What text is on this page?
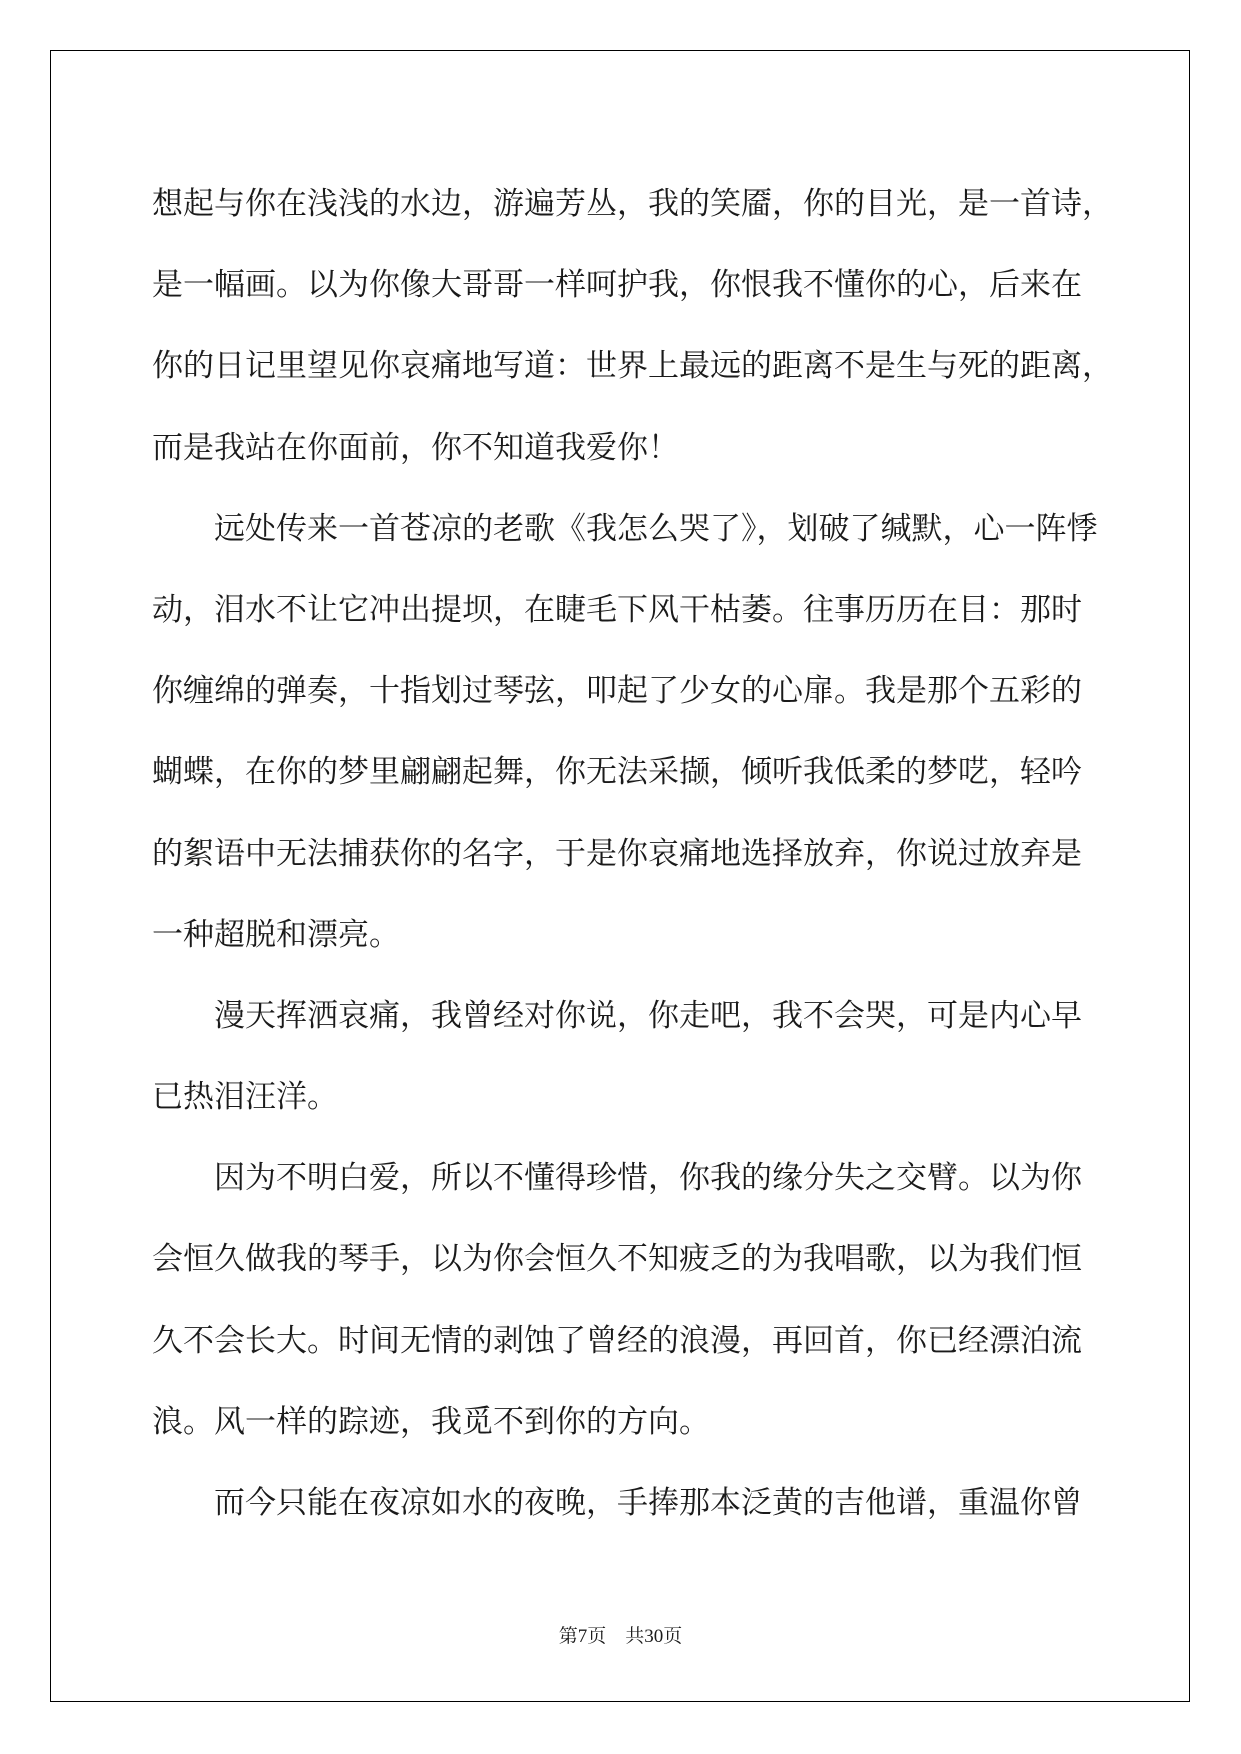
想起与你在浅浅的水边，游遍芳丛，我的笑靥，你的目光，是一首诗，

是一幅画。以为你像大哥哥一样呵护我，你恨我不懂你的心，后来在

你的日记里望见你哀痛地写道：世界上最远的距离不是生与死的距离，

而是我站在你面前，你不知道我爱你！

远处传来一首苍凉的老歌《我怎么哭了》，划破了缄默，心一阵悸

动，泪水不让它冲出提坝，在睫毛下风干枯萎。往事历历在目：那时

你缠绵的弹奏，十指划过琴弦，叩起了少女的心扉。我是那个五彩的

蝴蝶，在你的梦里翩翩起舞，你无法采撷，倾听我低柔的梦呓，轻吟

的絮语中无法捕获你的名字，于是你哀痛地选择放弃，你说过放弃是

一种超脱和漂亮。

漫天挥洒哀痛，我曾经对你说，你走吧，我不会哭，可是内心早

已热泪汪洋。

因为不明白爱，所以不懂得珍惜，你我的缘分失之交臂。以为你

会恒久做我的琴手，以为你会恒久不知疲乏的为我唱歌，以为我们恒

久不会长大。时间无情的剥蚀了曾经的浪漫，再回首，你已经漂泊流

浪。风一样的踪迹，我觅不到你的方向。

而今只能在夜凉如水的夜晚，手捧那本泛黄的吉他谱，重温你曾

第7页　共30页
